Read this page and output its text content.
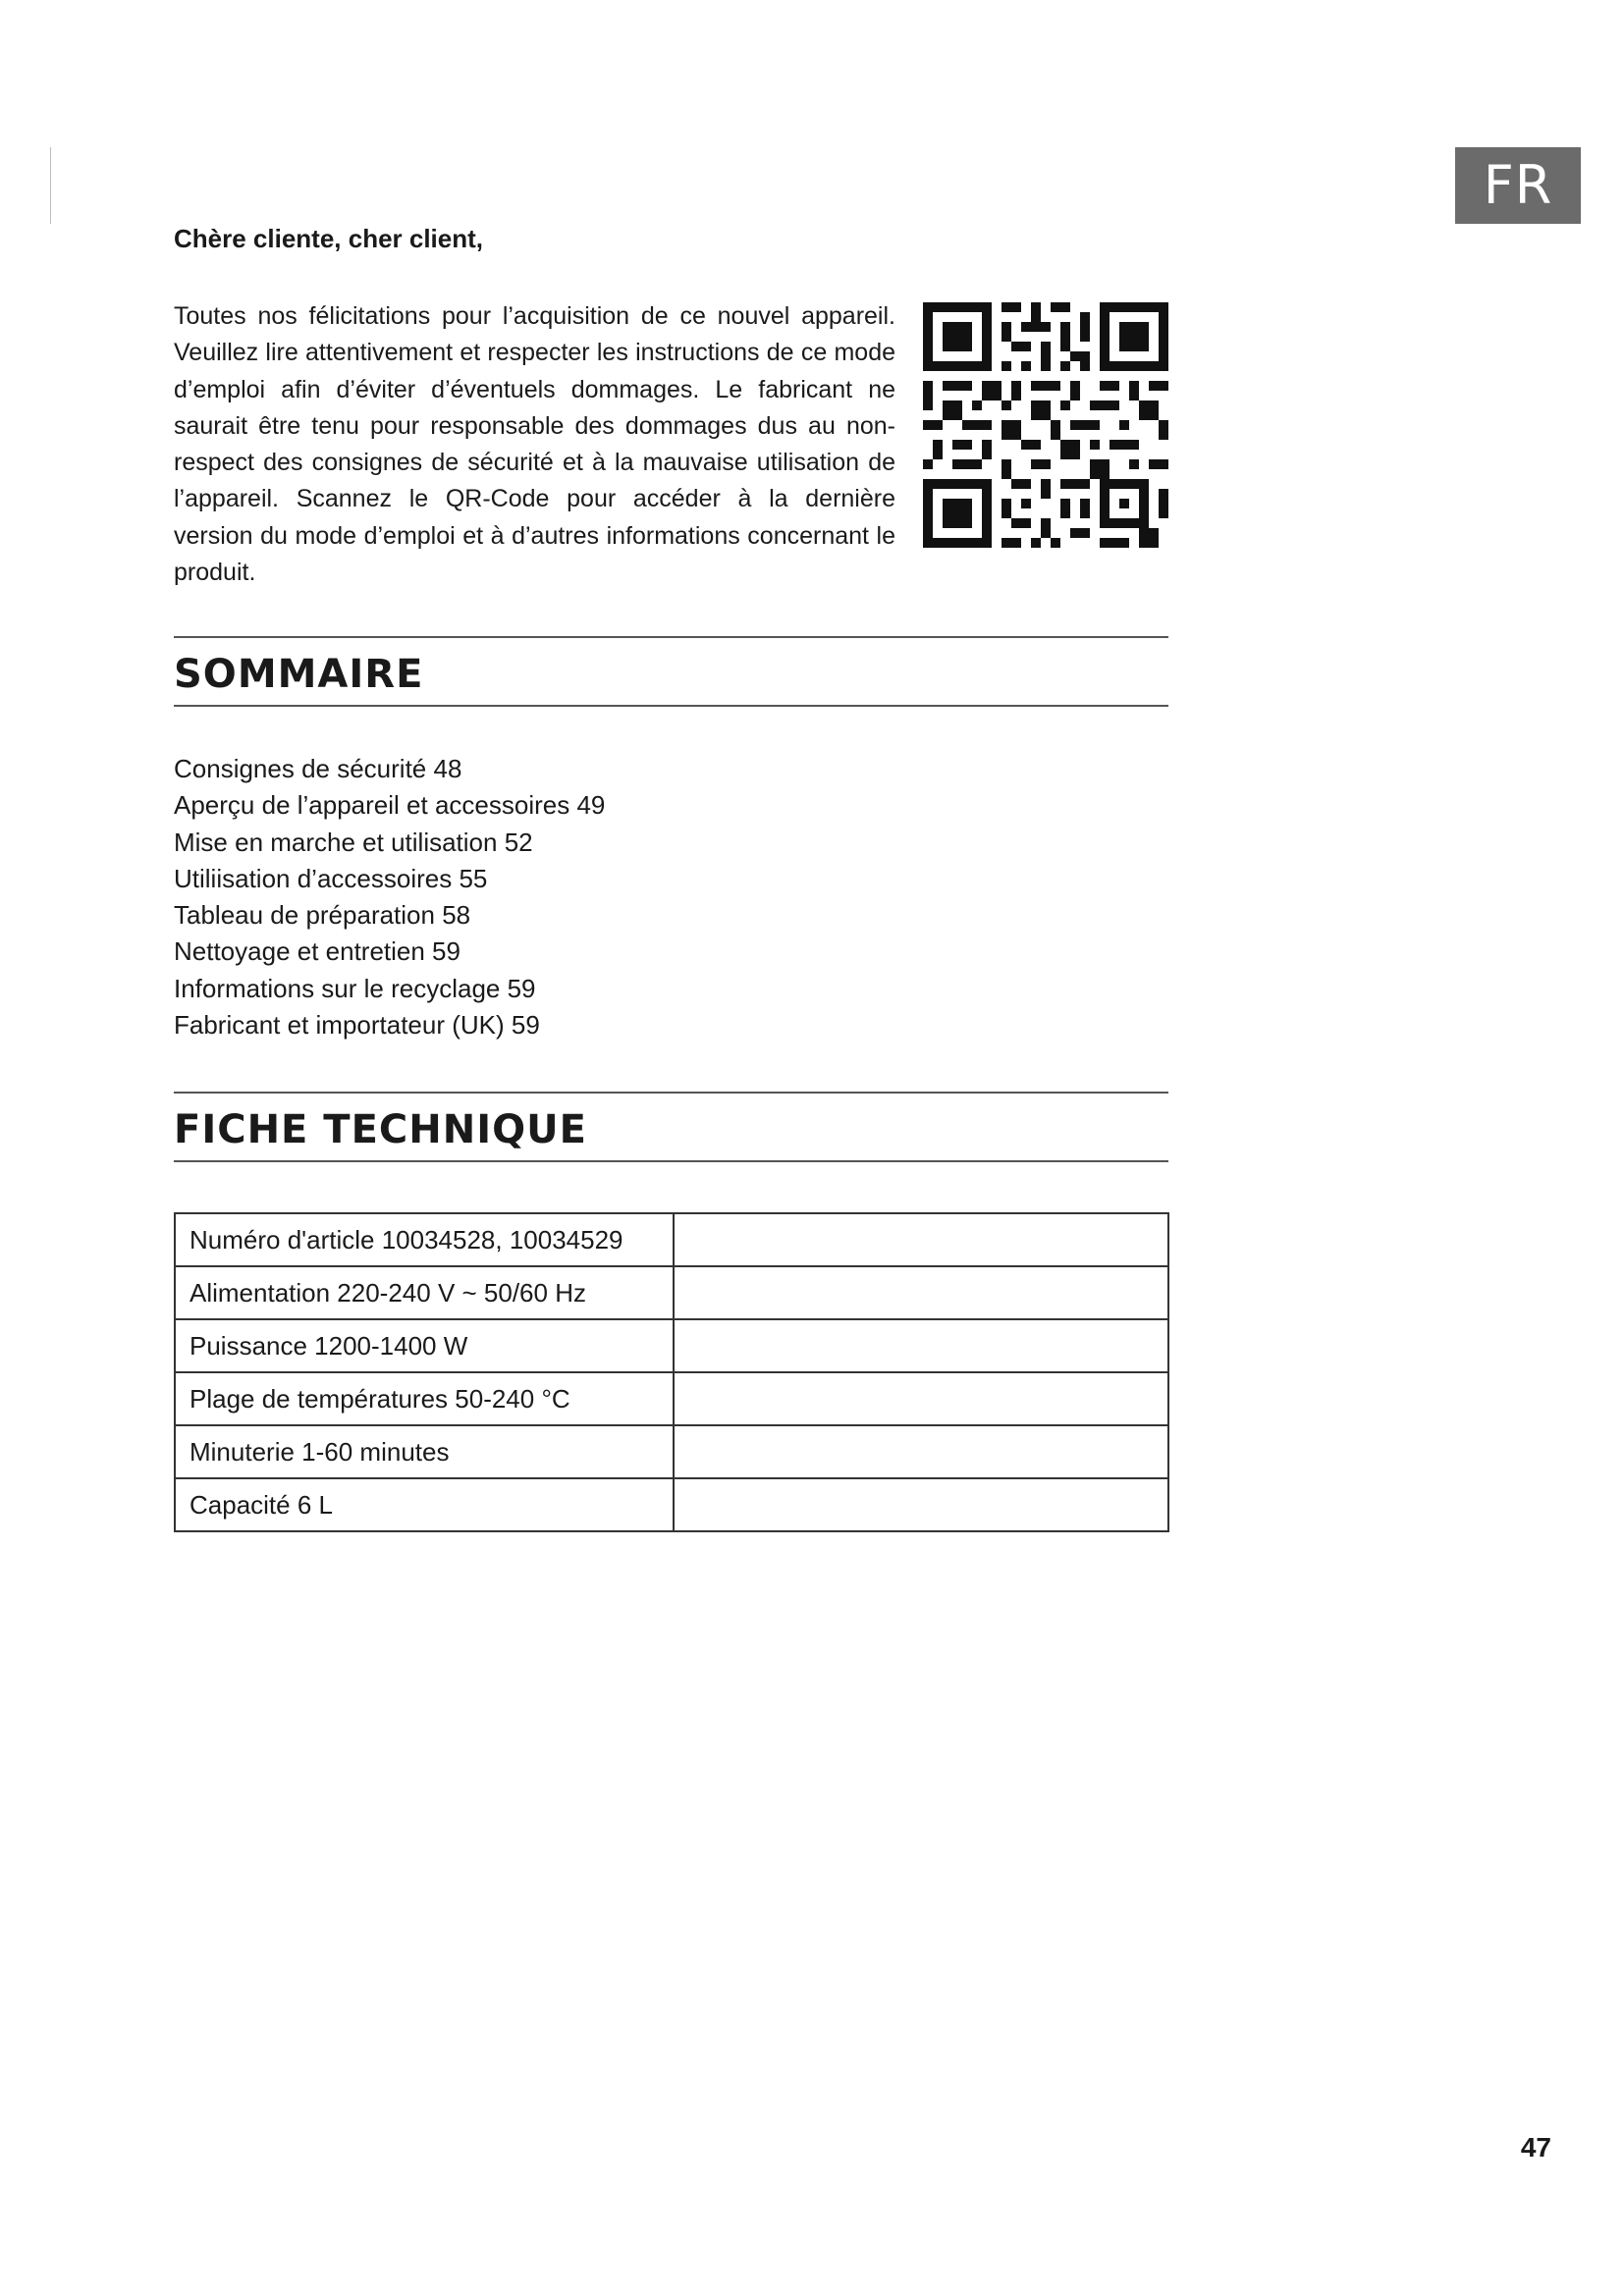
FR

Chère cliente, cher client,

Toutes nos félicitations pour l’acquisition de ce nouvel appareil. Veuillez lire attentivement et respecter les instructions de ce mode d’emploi afin d’éviter d’éventuels dommages. Le fabricant ne saurait être tenu pour responsable des dommages dus au non-respect des consignes de sécurité et à la mauvaise utilisation de l’appareil. Scannez le QR-Code pour accéder à la dernière version du mode d’emploi et à d’autres informations concernant le produit.

SOMMAIRE
Consignes de sécurité 48
Aperçu de l’appareil et accessoires 49
Mise en marche et utilisation 52
Utiliisation d’accessoires 55
Tableau de préparation 58
Nettoyage et entretien 59
Informations sur le recyclage 59
Fabricant et importateur (UK) 59
FICHE TECHNIQUE
Numéro d'article 10034528, 10034529	
Alimentation 220-240 V ~ 50/60 Hz	
Puissance 1200-1400 W	
Plage de températures 50-240 °C	
Minuterie 1-60 minutes	
Capacité 6 L	
47
